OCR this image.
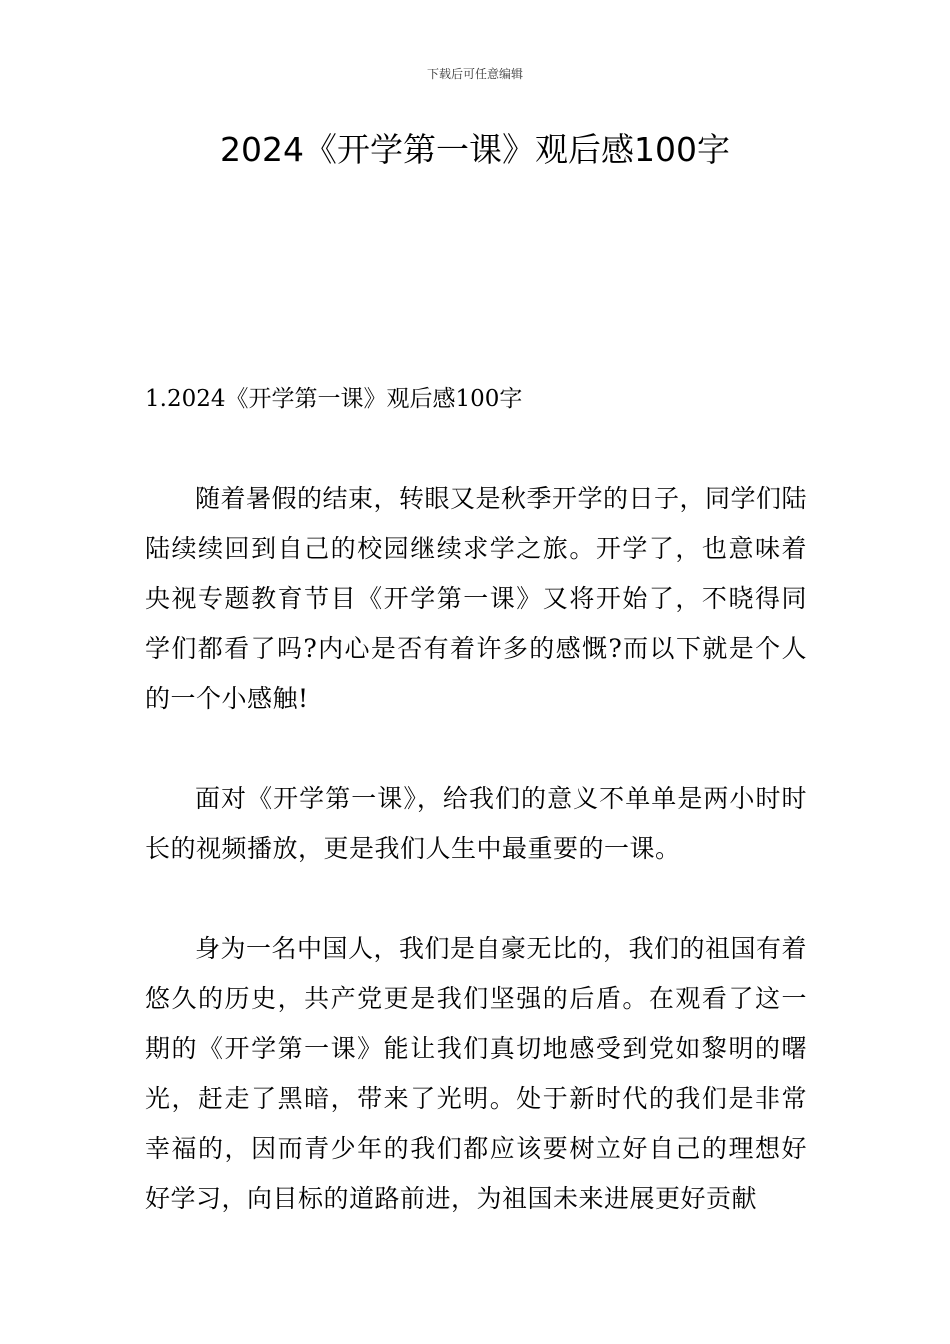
下载后可任意编辑
2024《开学第一课》观后感100字
1.2024《开学第一课》观后感100字

随着暑假的结束，转眼又是秋季开学的日子，同学们陆陆续续回到自己的校园继续求学之旅。开学了，也意味着央视专题教育节目《开学第一课》又将开始了，不晓得同学们都看了吗?内心是否有着许多的感慨?而以下就是个人的一个小感触!

面对《开学第一课》，给我们的意义不单单是两小时时长的视频播放，更是我们人生中最重要的一课。

身为一名中国人，我们是自豪无比的，我们的祖国有着悠久的历史，共产党更是我们坚强的后盾。在观看了这一期的《开学第一课》能让我们真切地感受到党如黎明的曙光，赶走了黑暗，带来了光明。处于新时代的我们是非常幸福的，因而青少年的我们都应该要树立好自己的理想好好学习，向目标的道路前进，为祖国未来进展更好贡献
